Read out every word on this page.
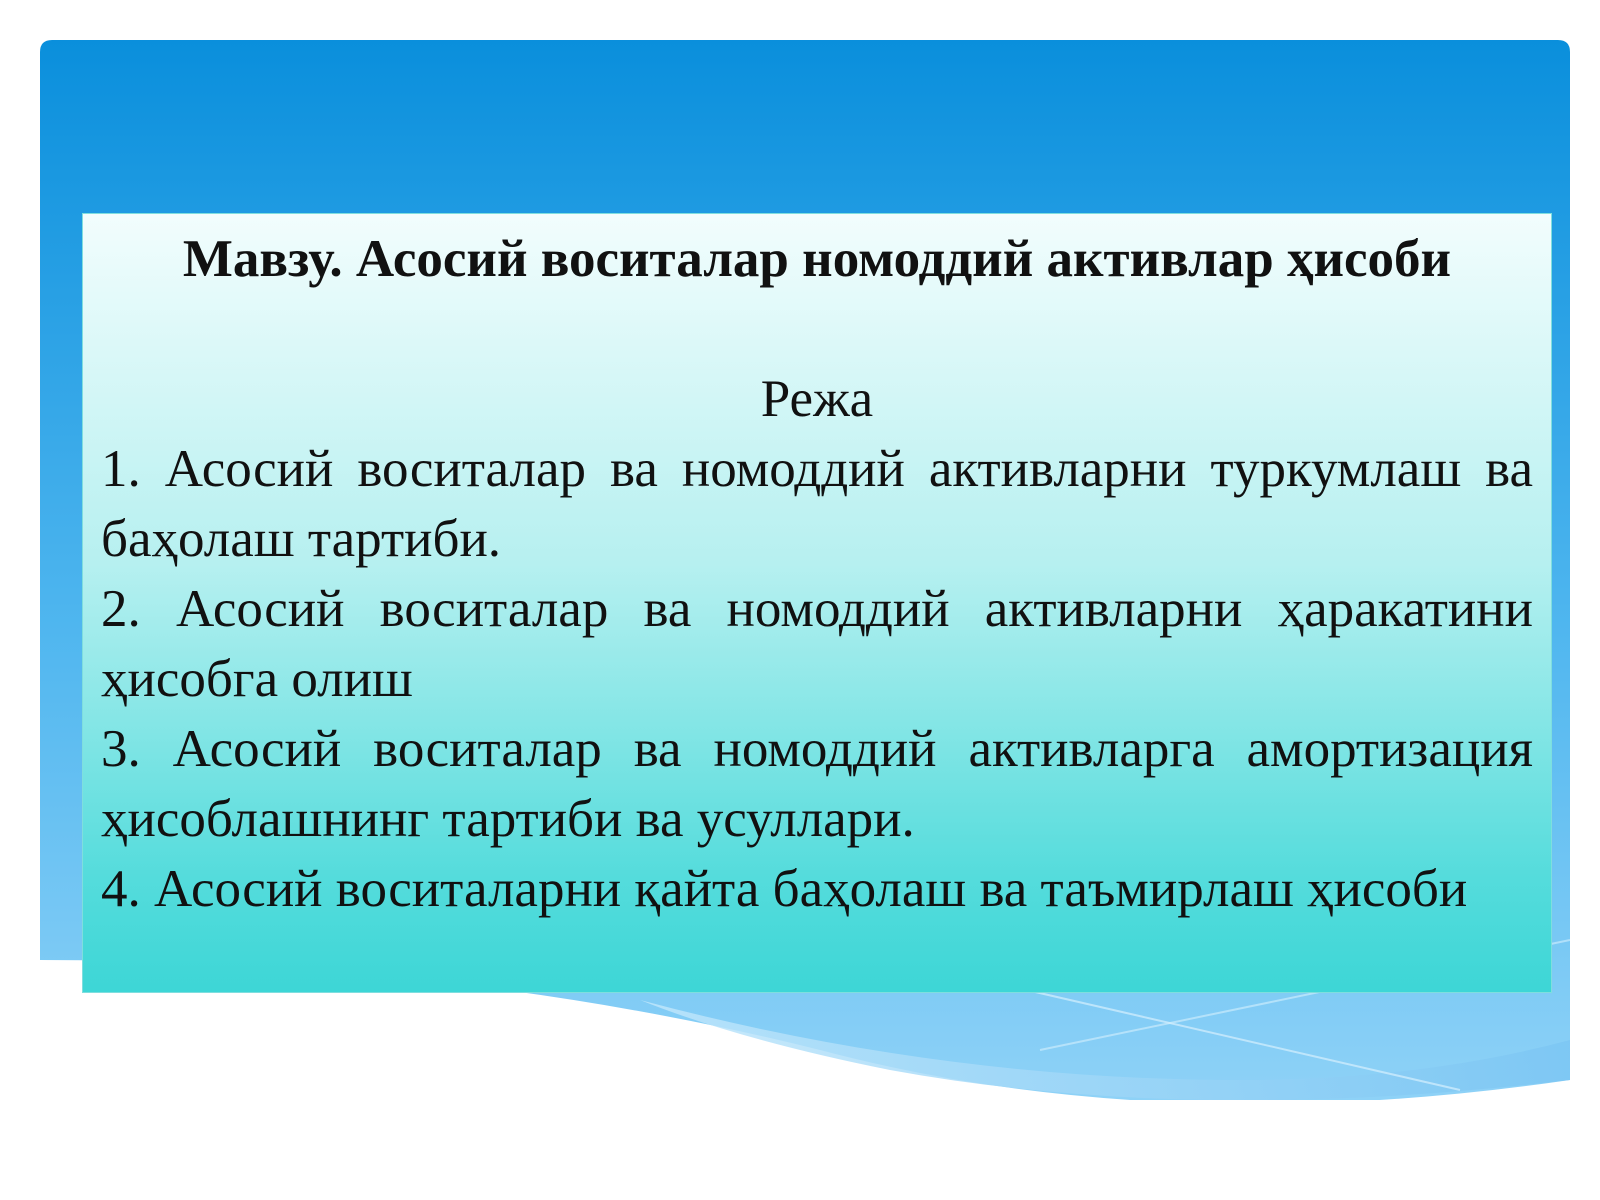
Мавзу. Асосий воситалар номоддий активлар ҳисоби

Режа

1. Асосий воситалар ва номоддий активларни туркумлаш ва баҳолаш тартиби.

2. Асосий воситалар ва номоддий активларни ҳаракатини ҳисобга олиш

3. Асосий воситалар ва номоддий активларга амортизация ҳисоблашнинг тартиби ва усуллари.

4. Асосий воситаларни қайта баҳолаш ва таъмирлаш ҳисоби
